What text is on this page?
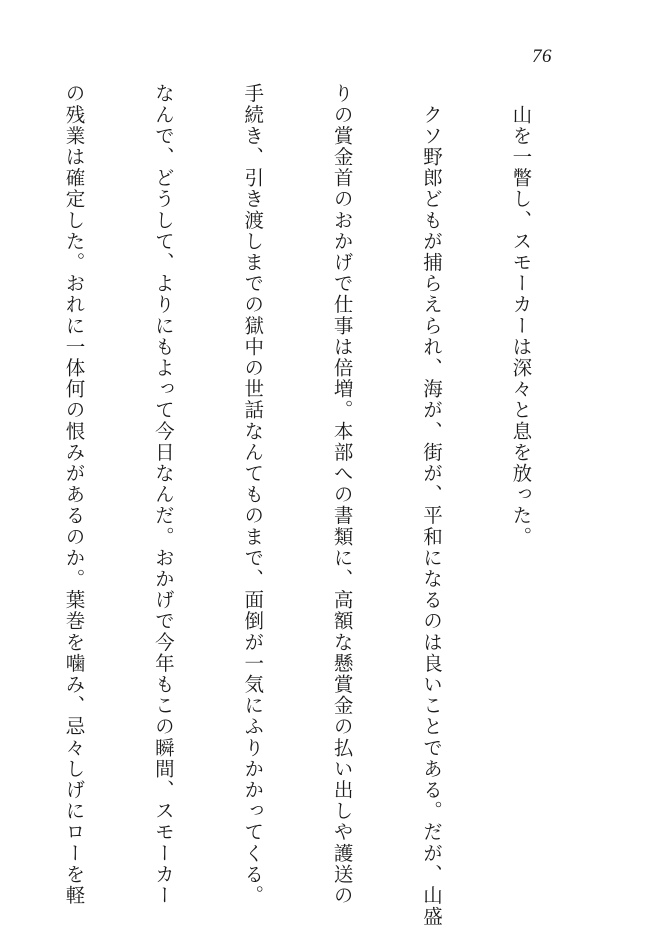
76

　山を一瞥し、スモーカーは深々と息を放った。

　クソ野郎どもが捕らえられ、海が、街が、平和になるのは良いことである。だが、山盛

りの賞金首のおかげで仕事は倍増。本部への書類に、高額な懸賞金の払い出しや護送の

手続き、引き渡しまでの獄中の世話なんてものまで、面倒が一気にふりかかってくる。

なんで、どうして、よりにもよって今日なんだ。おかげで今年もこの瞬間、スモーカー

の残業は確定した。おれに一体何の恨みがあるのか。葉巻を噛み、忌々しげにローを軽
